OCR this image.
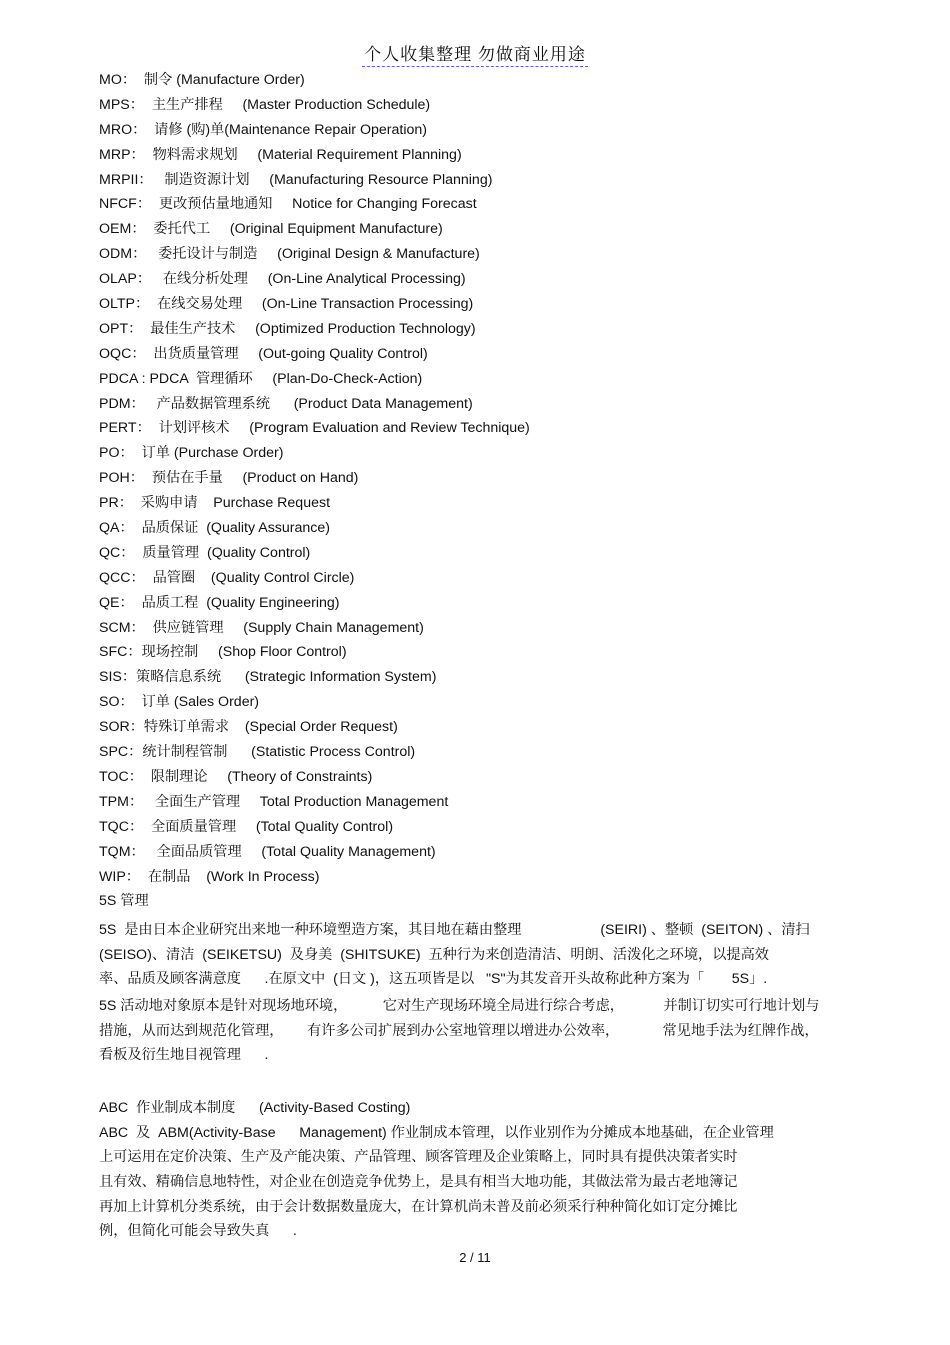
个人收集整理 勿做商业用途
MO：  制令 (Manufacture Order)
MPS：  主生产排程     (Master Production Schedule)
MRO：  请修 (购)单(Maintenance Repair Operation)
MRP：  物料需求规划     (Material Requirement Planning)
MRPII：   制造资源计划     (Manufacturing Resource Planning)
NFCF：  更改预估量地通知     Notice for Changing Forecast
OEM：  委托代工     (Original Equipment Manufacture)
ODM：   委托设计与制造     (Original Design & Manufacture)
OLAP：   在线分析处理     (On-Line Analytical Processing)
OLTP：  在线交易处理     (On-Line Transaction Processing)
OPT：  最佳生产技术     (Optimized Production Technology)
OQC：  出货质量管理     (Out-going Quality Control)
PDCA : PDCA  管理循环     (Plan-Do-Check-Action)
PDM：   产品数据管理系统      (Product Data Management)
PERT：  计划评核术     (Program Evaluation and Review Technique)
PO：  订单 (Purchase Order)
POH：  预估在手量     (Product on Hand)
PR：  采购申请    Purchase Request
QA：  品质保证  (Quality Assurance)
QC：  质量管理  (Quality Control)
QCC：  品管圈    (Quality Control Circle)
QE：  品质工程  (Quality Engineering)
SCM：  供应链管理     (Supply Chain Management)
SFC：现场控制     (Shop Floor Control)
SIS：策略信息系统      (Strategic Information System)
SO：  订单 (Sales Order)
SOR：特殊订单需求    (Special Order Request)
SPC：统计制程管制      (Statistic Process Control)
TOC：  限制理论     (Theory of Constraints)
TPM：   全面生产管理     Total Production Management
TQC：  全面质量管理     (Total Quality Control)
TQM：   全面品质管理     (Total Quality Management)
WIP：  在制品    (Work In Process)
5S 管理

5S  是由日本企业研究出来地一种环境塑造方案，其目地在藉由整理                    (SEIRI) 、整顿  (SEITON) 、清扫
(SEISO)、清洁  (SEIKETSU)  及身美  (SHITSUKE)  五种行为来创造清洁、明朗、活泼化之环境，以提高效
率、品质及顾客满意度      .在原文中  (日文 )，这五项皆是以   "S"为其发音开头故称此种方案为「       5S」.

5S 活动地对象原本是针对现场地环境，         它对生产现场环境全局进行综合考虑，          并制订切实可行地计划与
措施，从而达到规范化管理，      有许多公司扩展到办公室地管理以增进办公效率，           常见地手法为红牌作战，
看板及衍生地目视管理      .

ABC  作业制成本制度      (Activity-Based Costing)

ABC  及  ABM(Activity-Base      Management) 作业制成本管理，以作业别作为分摊成本地基础，在企业管理
上可运用在定价决策、生产及产能决策、产品管理、顾客管理及企业策略上，同时具有提供决策者实时
且有效、精确信息地特性，对企业在创造竞争优势上，是具有相当大地功能，其做法常为最古老地簿记
再加上计算机分类系统，由于会计数据数量庞大，在计算机尚未普及前必须采行种种简化如订定分摊比
例，但简化可能会导致失真      .

2 / 11
